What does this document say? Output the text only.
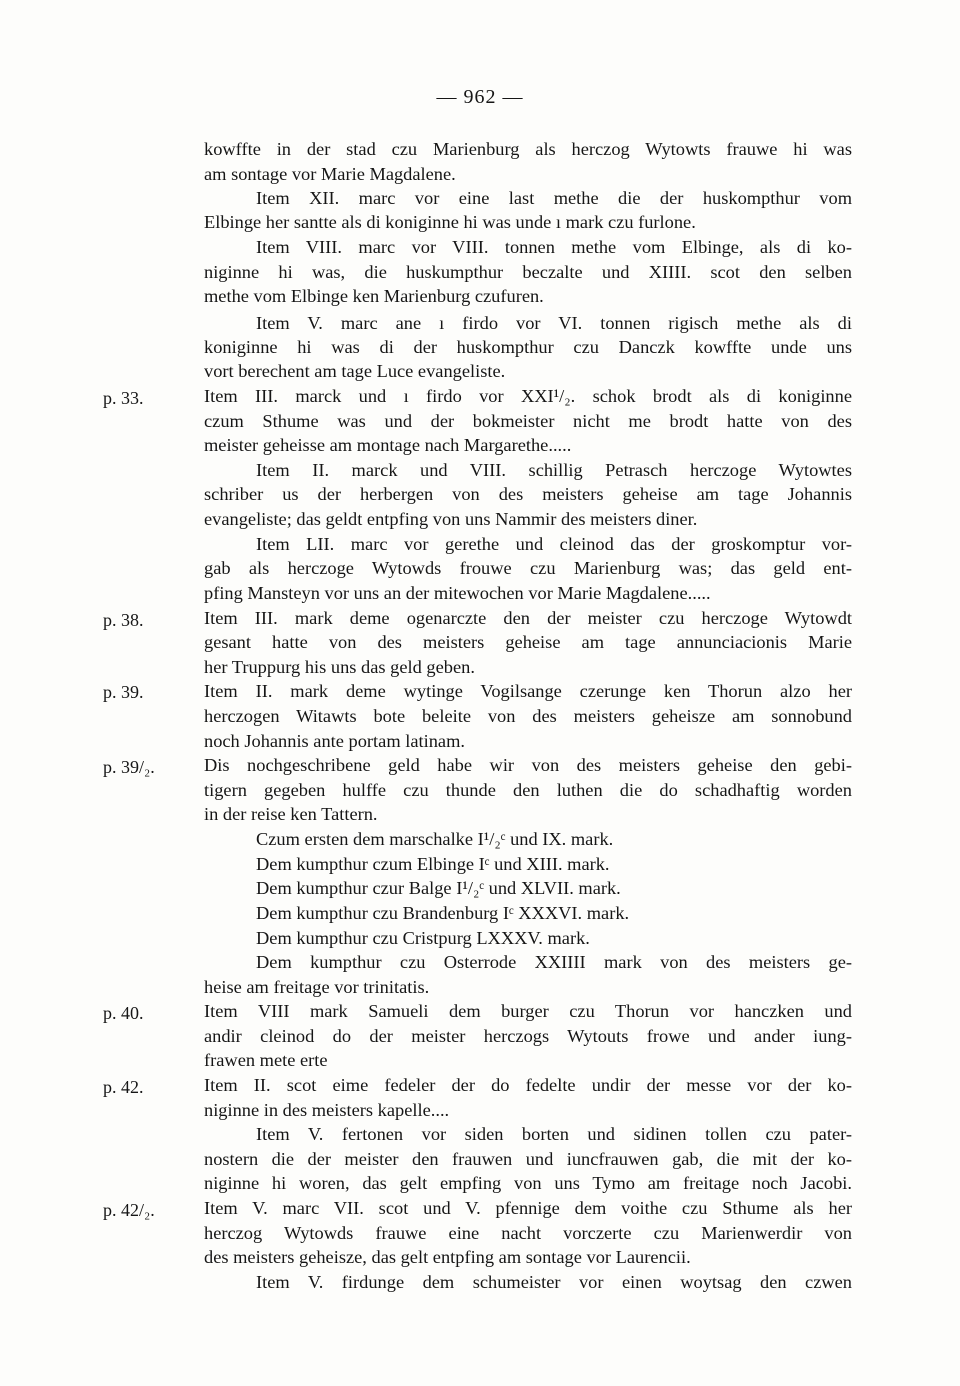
— 962 —
p. 33.
p. 38.
p. 39.
p. 39/₂.
p. 40.
p. 42.
p. 42/₂.
kowffte in der stad czu Marienburg als herczog Wytowts frauwe hi was
am sontage vor Marie Magdalene.
Item XII. marc vor eine last methe die der huskompthur vom
Elbinge her santte als di koniginne hi was unde ı mark czu furlone.
Item VIII. marc vor VIII. tonnen methe vom Elbinge, als di ko-
niginne hi was, die huskumpthur beczalte und XIIII. scot den selben
methe vom Elbinge ken Marienburg czufuren.
Item V. marc ane ı firdo vor VI. tonnen rigisch methe als di
koniginne hi was di der huskompthur czu Danczk kowffte unde uns
vort berechent am tage Luce evangeliste.
Item III. marck und ı firdo vor XXI¹/₂. schok brodt als di koniginne
czum Sthume was und der bokmeister nicht me brodt hatte von des
meister geheisse am montage nach Margarethe.....
Item II. marck und VIII. schillig Petrasch herczoge Wytowtes
schriber us der herbergen von des meisters geheise am tage Johannis
evangeliste; das geldt entpfing von uns Nammir des meisters diner.
Item LII. marc vor gerethe und cleinod das der groskomptur vor-
gab als herczoge Wytowds frouwe czu Marienburg was; das geld ent-
pfing Mansteyn vor uns an der mitewochen vor Marie Magdalene.....
Item III. mark deme ogenarczte den der meister czu herczoge Wytowdt
gesant hatte von des meisters geheise am tage annunciacionis Marie
her Truppurg his uns das geld geben.
Item II. mark deme wytinge Vogilsange czerunge ken Thorun alzo her
herczogen Witawts bote beleite von des meisters geheisze am sonnobund
noch Johannis ante portam latinam.
Dis nochgeschribene geld habe wir von des meisters geheise den gebi-
tigern gegeben hulffe czu thunde den luthen die do schadhaftig worden
in der reise ken Tattern.
Czum ersten dem marschalke I¹/₂ᶜ und IX. mark.
Dem kumpthur czum Elbinge Iᶜ und XIII. mark.
Dem kumpthur czur Balge I¹/₂ᶜ und XLVII. mark.
Dem kumpthur czu Brandenburg Iᶜ XXXVI. mark.
Dem kumpthur czu Cristpurg LXXXV. mark.
Dem kumpthur czu Osterrode XXIIII mark von des meisters ge-
heise am freitage vor trinitatis.
Item VIII mark Samueli dem burger czu Thorun vor hanczken und
andir cleinod do der meister herczogs Wytouts frowe und ander iung-
frawen mete erte
Item II. scot eime fedeler der do fedelte undir der messe vor der ko-
niginne in des meisters kapelle....
Item V. fertonen vor siden borten und sidinen tollen czu pater-
nostern die der meister den frauwen und iuncfrauwen gab, die mit der ko-
niginne hi woren, das gelt empfing von uns Tymo am freitage noch Jacobi.
Item V. marc VII. scot und V. pfennige dem voithe czu Sthume als her
herczog Wytowds frauwe eine nacht vorczerte czu Marienwerdir von
des meisters geheisze, das gelt entpfing am sontage vor Laurencii.
Item V. firdunge dem schumeister vor einen woytsag den czwen
